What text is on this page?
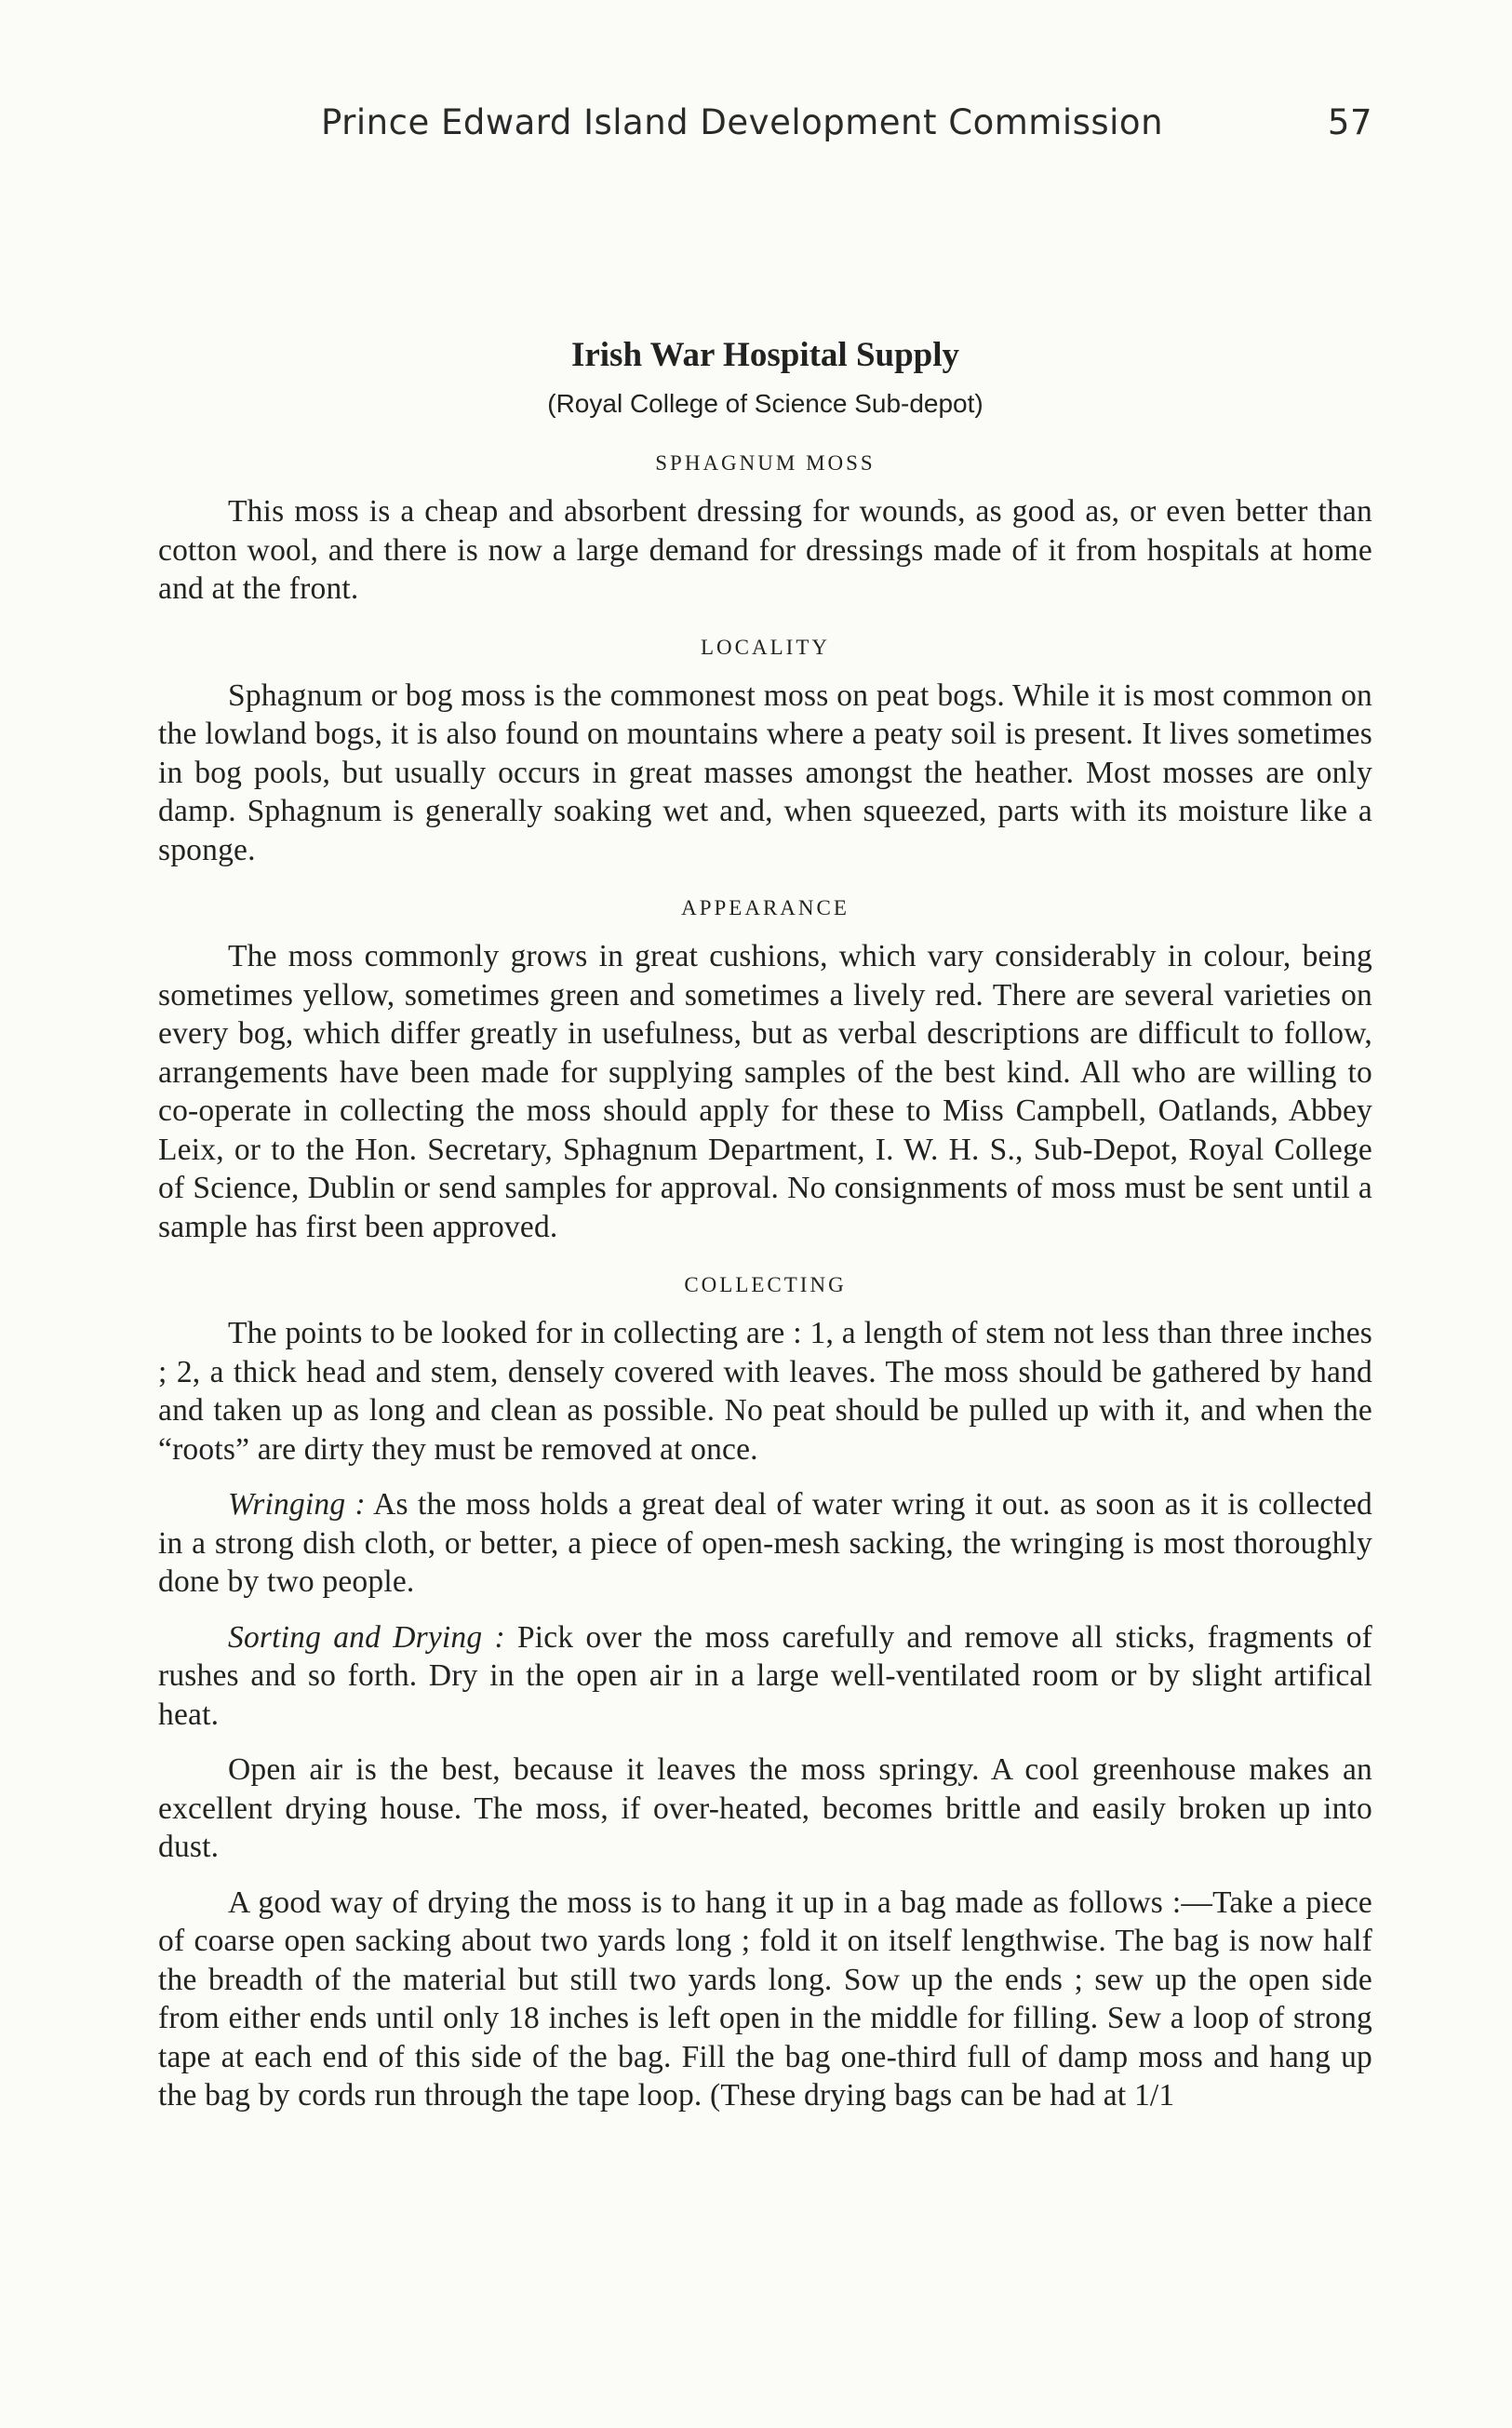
Prince Edward Island Development Commission	57
Irish War Hospital Supply
(Royal College of Science Sub-depot)
SPHAGNUM MOSS

This moss is a cheap and absorbent dressing for wounds, as good as, or even better than cotton wool, and there is now a large demand for dressings made of it from hospitals at home and at the front.

LOCALITY

Sphagnum or bog moss is the commonest moss on peat bogs. While it is most common on the lowland bogs, it is also found on mountains where a peaty soil is present. It lives sometimes in bog pools, but usually occurs in great masses amongst the heather. Most mosses are only damp. Sphagnum is generally soaking wet and, when squeezed, parts with its moisture like a sponge.

APPEARANCE

The moss commonly grows in great cushions, which vary considerably in colour, being sometimes yellow, sometimes green and sometimes a lively red. There are several varieties on every bog, which differ greatly in usefulness, but as verbal descriptions are difficult to follow, arrangements have been made for supplying samples of the best kind. All who are willing to co-operate in collecting the moss should apply for these to Miss Campbell, Oatlands, Abbey Leix, or to the Hon. Secretary, Sphagnum Department, I. W. H. S., Sub-Depot, Royal College of Science, Dublin or send samples for approval. No consignments of moss must be sent until a sample has first been approved.

COLLECTING

The points to be looked for in collecting are : 1, a length of stem not less than three inches ; 2, a thick head and stem, densely covered with leaves. The moss should be gathered by hand and taken up as long and clean as possible. No peat should be pulled up with it, and when the “roots” are dirty they must be removed at once.

Wringing : As the moss holds a great deal of water wring it out. as soon as it is collected in a strong dish cloth, or better, a piece of open-mesh sacking, the wringing is most thoroughly done by two people.

Sorting and Drying : Pick over the moss carefully and remove all sticks, fragments of rushes and so forth. Dry in the open air in a large well-ventilated room or by slight artifical heat.

Open air is the best, because it leaves the moss springy. A cool greenhouse makes an excellent drying house. The moss, if over-heated, becomes brittle and easily broken up into dust.

A good way of drying the moss is to hang it up in a bag made as follows :—Take a piece of coarse open sacking about two yards long ; fold it on itself lengthwise. The bag is now half the breadth of the material but still two yards long. Sow up the ends ; sew up the open side from either ends until only 18 inches is left open in the middle for filling. Sew a loop of strong tape at each end of this side of the bag. Fill the bag one-third full of damp moss and hang up the bag by cords run through the tape loop. (These drying bags can be had at 1/1
